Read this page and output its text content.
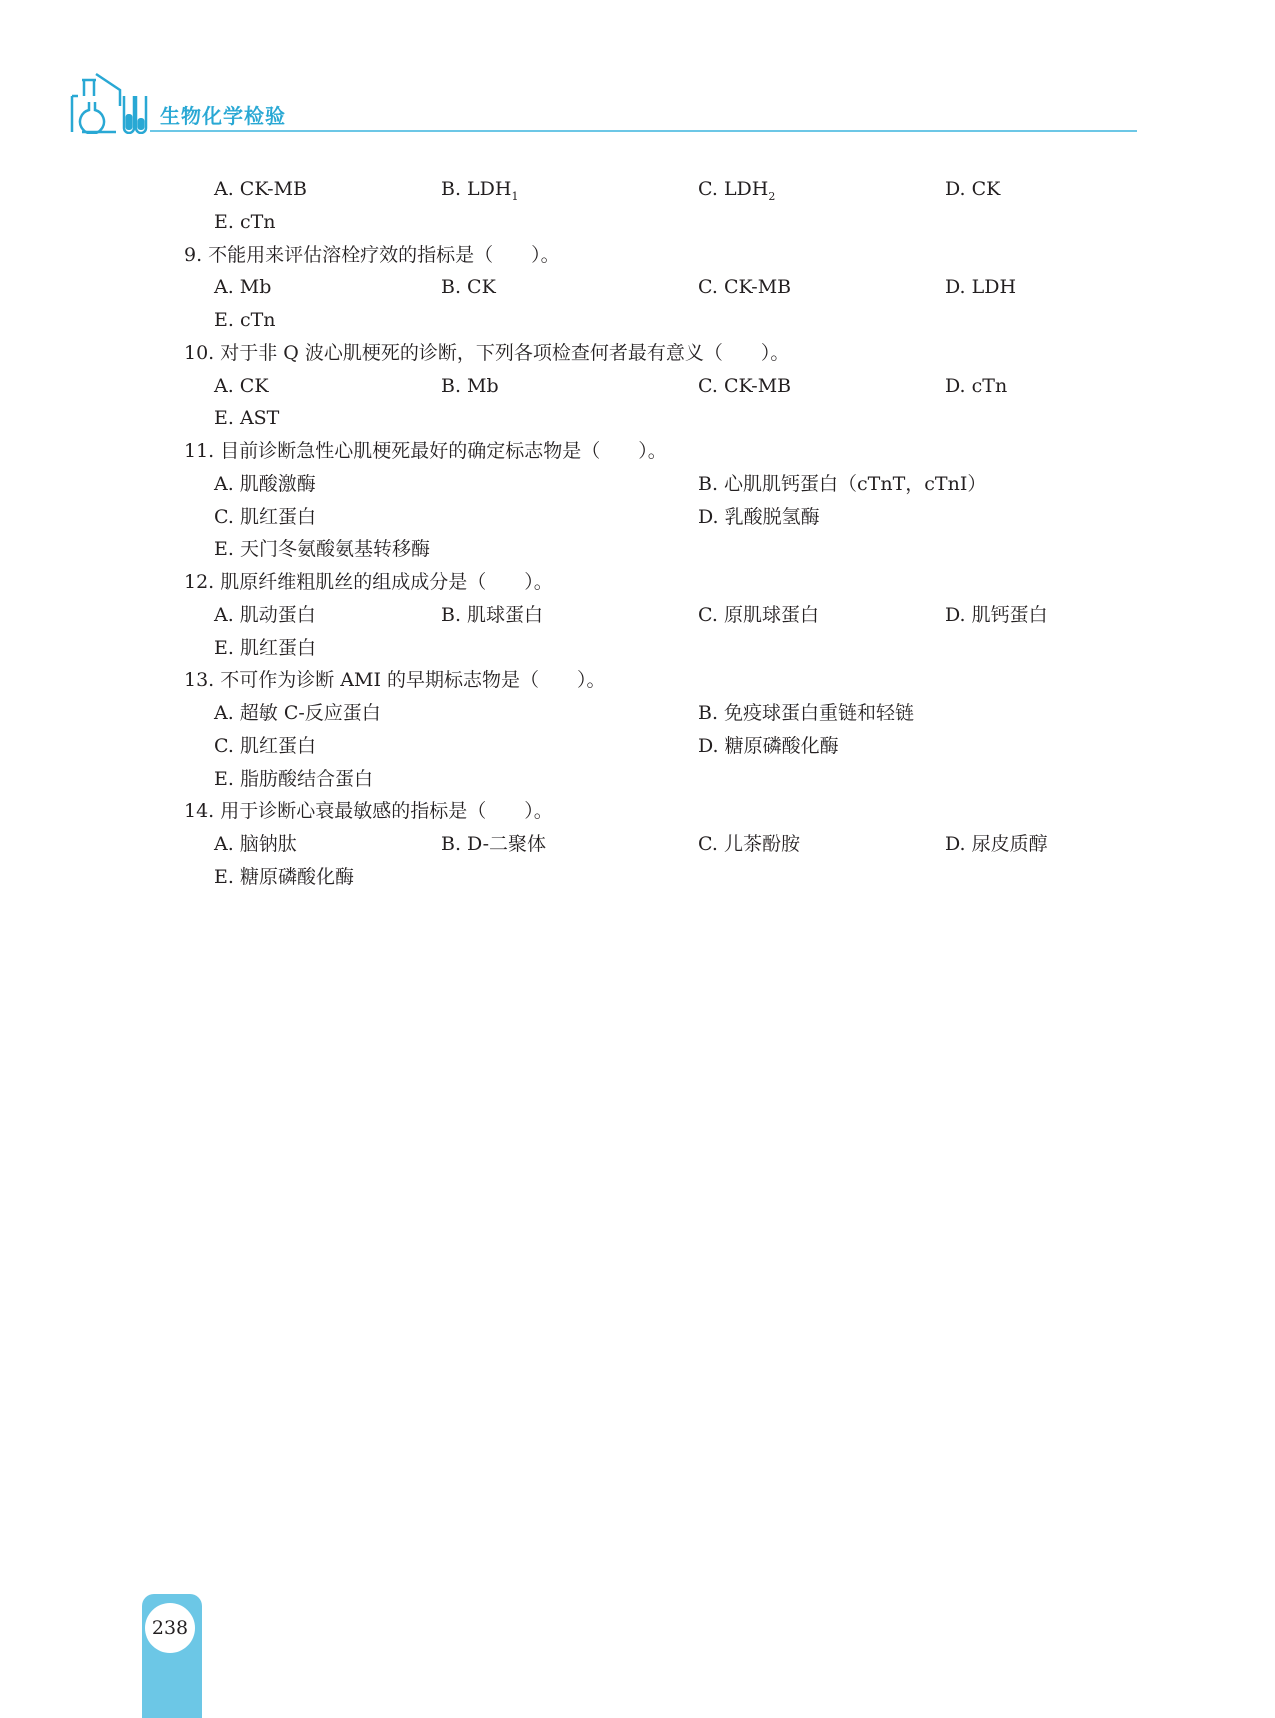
生物化学检验
A. CK-MB	B. $LDH_1$	C. $LDH_2$	D. CK
E. cTn
9. 不能用来评估溶栓疗效的指标是（　　）。
A. Mb	B. CK	C. CK-MB	D. LDH
E. cTn
10. 对于非 Q 波心肌梗死的诊断，下列各项检查何者最有意义（　　）。
A. CK	B. Mb	C. CK-MB	D. cTn
E. AST
11. 目前诊断急性心肌梗死最好的确定标志物是（　　）。
A. 肌酸激酶	B. 心肌肌钙蛋白（cTnT，cTnI）
C. 肌红蛋白	D. 乳酸脱氢酶
E. 天门冬氨酸氨基转移酶
12. 肌原纤维粗肌丝的组成成分是（　　）。
A. 肌动蛋白	B. 肌球蛋白	C. 原肌球蛋白	D. 肌钙蛋白
E. 肌红蛋白
13. 不可作为诊断 AMI 的早期标志物是（　　）。
A. 超敏 C-反应蛋白	B. 免疫球蛋白重链和轻链
C. 肌红蛋白	D. 糖原磷酸化酶
E. 脂肪酸结合蛋白
14. 用于诊断心衰最敏感的指标是（　　）。
A. 脑钠肽	B. D-二聚体	C. 儿茶酚胺	D. 尿皮质醇
E. 糖原磷酸化酶
238
